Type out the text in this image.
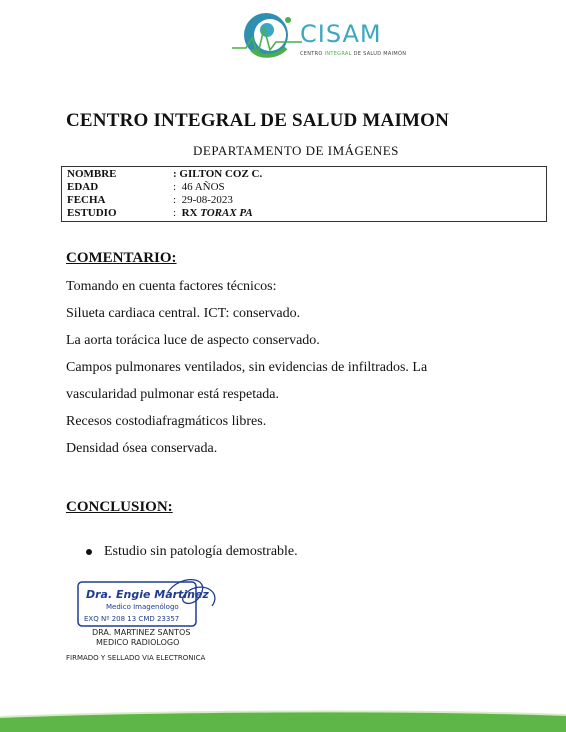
CISAM
CENTRO INTEGRAL DE SALUD MAIMÓN
CENTRO INTEGRAL DE SALUD MAIMON
DEPARTAMENTO DE IMÁGENES
NOMBRE	: GILTON COZ C.
EDAD	: 46 AÑOS
FECHA	: 29-08-2023
ESTUDIO	: RX TORAX PA
COMENTARIO:

Tomando en cuenta factores técnicos:

Silueta cardiaca central. ICT: conservado.

La aorta torácica luce de aspecto conservado.

Campos pulmonares ventilados, sin evidencias de infiltrados. La

vascularidad pulmonar está respetada.

Recesos costodiafragmáticos libres.

Densidad ósea conservada.

CONCLUSION:
Estudio sin patología demostrable.
Dra. Engie Martinez
Medico Imagenólogo
EXQ Nº 208 13 CMD 23357
DRA. MARTINEZ SANTOS
MEDICO RADIOLOGO
FIRMADO Y SELLADO VIA ELECTRONICA
